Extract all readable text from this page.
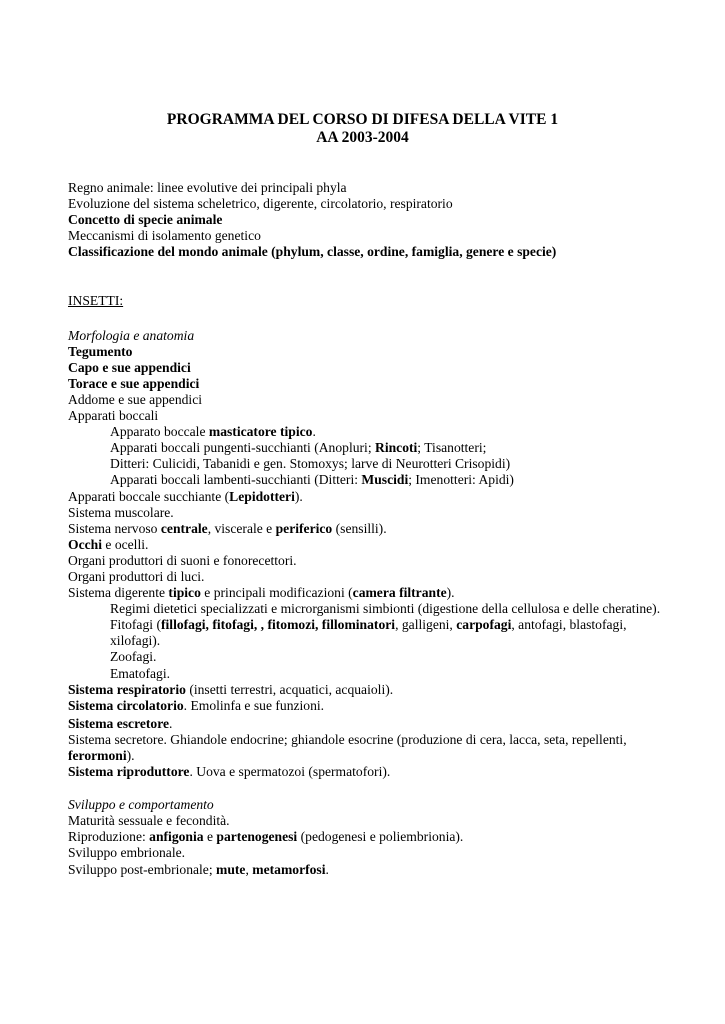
PROGRAMMA DEL CORSO DI DIFESA DELLA VITE 1
AA 2003-2004
Regno animale: linee evolutive dei principali phyla
Evoluzione del sistema scheletrico, digerente, circolatorio, respiratorio
Concetto di specie animale
Meccanismi di isolamento genetico
Classificazione del mondo animale (phylum, classe, ordine, famiglia, genere e specie)
INSETTI:
Morfologia e anatomia
Tegumento
Capo e sue appendici
Torace e sue appendici
Addome e sue appendici
Apparati boccali
Apparato boccale masticatore tipico.
Apparati boccali pungenti-succhianti (Anopluri; Rincoti; Tisanotteri;
Ditteri: Culicidi, Tabanidi e gen. Stomoxys; larve di Neurotteri Crisopidi)
Apparati boccali lambenti-succhianti (Ditteri: Muscidi; Imenotteri: Apidi)
Apparati boccale succhiante (Lepidotteri).
Sistema muscolare.
Sistema nervoso centrale, viscerale e periferico (sensilli).
Occhi e ocelli.
Organi produttori di suoni e fonorecettori.
Organi produttori di luci.
Sistema digerente tipico e principali modificazioni (camera filtrante).
Regimi dietetici specializzati e microrganismi simbionti (digestione della cellulosa e delle cheratine).
Fitofagi (fillofagi, fitofagi, , fitomozi, fillominatori, galligeni, carpofagi, antofagi, blastofagi, xilofagi).
Zoofagi.
Ematofagi.
Sistema respiratorio (insetti terrestri, acquatici, acquaioli).
Sistema circolatorio. Emolinfa e sue funzioni.
Sistema escretore.
Sistema secretore. Ghiandole endocrine; ghiandole esocrine (produzione di cera, lacca, seta, repellenti, ferormoni).
Sistema riproduttore. Uova e spermatozoi (spermatofori).
Sviluppo e comportamento
Maturità sessuale e fecondità.
Riproduzione: anfigonia e partenogenesi (pedogenesi e poliembrionia).
Sviluppo embrionale.
Sviluppo post-embrionale; mute, metamorfosi.
